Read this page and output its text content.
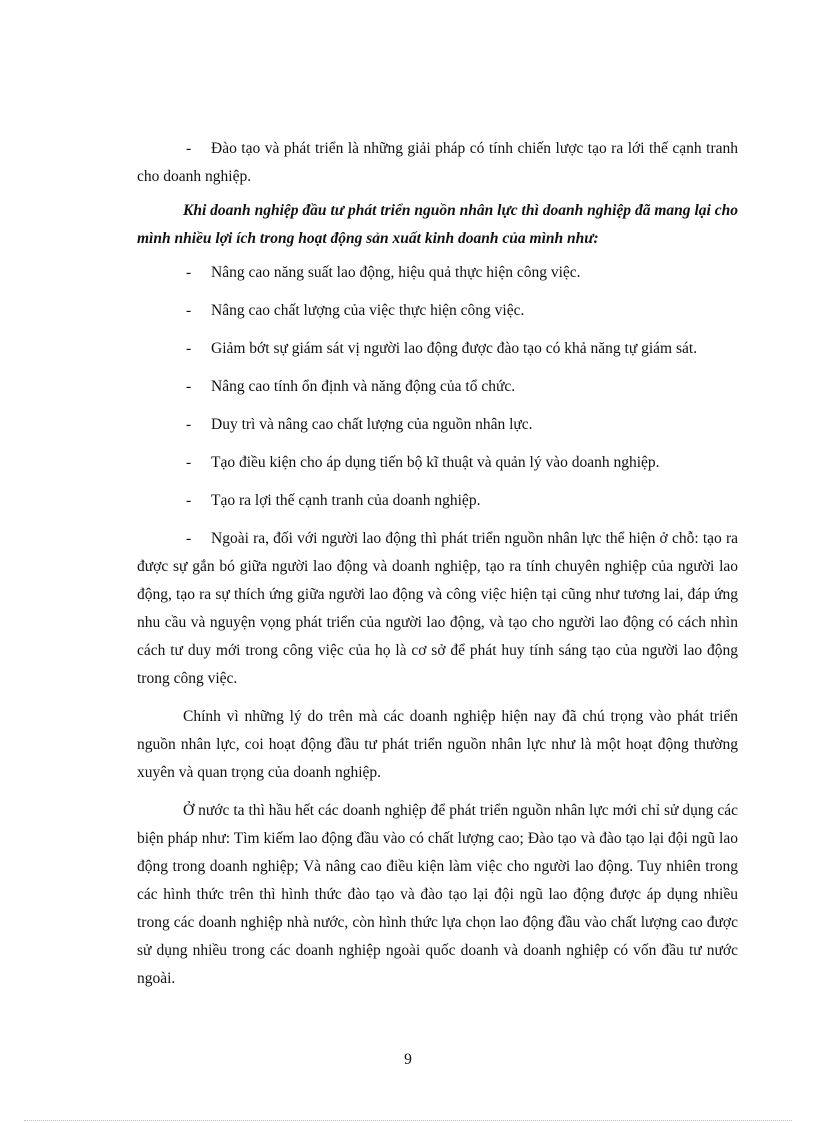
-	Đào tạo và phát triển là những giải pháp có tính chiến lược tạo ra lới thế cạnh tranh cho doanh nghiệp.

Khi doanh nghiệp đầu tư phát triển nguồn nhân lực thì doanh nghiệp đã mang lại cho mình nhiều lợi ích trong hoạt động sản xuất kinh doanh của mình như:

-	Nâng cao năng suất lao động, hiệu quả thực hiện công việc.

-	Nâng cao chất lượng của việc thực hiện công việc.

-	Giảm bớt sự giám sát vị người lao động được đào tạo có khả năng tự giám sát.

-	Nâng cao tính ổn định và năng động của tổ chức.

-	Duy trì và nâng cao chất lượng của nguồn nhân lực.

-	Tạo điều kiện cho áp dụng tiến bộ kĩ thuật và quản lý vào doanh nghiệp.

-	Tạo ra lợi thế cạnh tranh của doanh nghiệp.

-	Ngoài ra, đối với người lao động thì phát triển nguồn nhân lực thể hiện ở chỗ: tạo ra được sự gắn bó giữa người lao động và doanh nghiệp, tạo ra tính chuyên nghiệp của người lao động, tạo ra sự thích ứng giữa người lao động và công việc hiện tại cũng như tương lai, đáp ứng nhu cầu và nguyện vọng phát triển của người lao động, và tạo cho người lao động có cách nhìn cách tư duy mới trong công việc của họ là cơ sở để phát huy tính sáng tạo của người lao động trong công việc.

Chính vì những lý do trên mà các doanh nghiệp hiện nay đã chú trọng vào phát triển nguồn nhân lực, coi hoạt động đầu tư phát triển nguồn nhân lực như là một hoạt động thường xuyên và quan trọng của doanh nghiệp.

Ở nước ta thì hầu hết các doanh nghiệp để phát triển nguồn nhân lực mới chỉ sử dụng các biện pháp như: Tìm kiếm lao động đầu vào có chất lượng cao; Đào tạo và đào tạo lại đội ngũ lao động trong doanh nghiệp; Và nâng cao điều kiện làm việc cho người lao động. Tuy nhiên trong các hình thức trên thì hình thức đào tạo và đào tạo lại đội ngũ lao động được áp dụng nhiều trong các doanh nghiệp nhà nước, còn hình thức lựa chọn lao động đầu vào chất lượng cao được sử dụng nhiều trong các doanh nghiệp ngoài quốc doanh và doanh nghiệp có vốn đầu tư nước ngoài.

9
